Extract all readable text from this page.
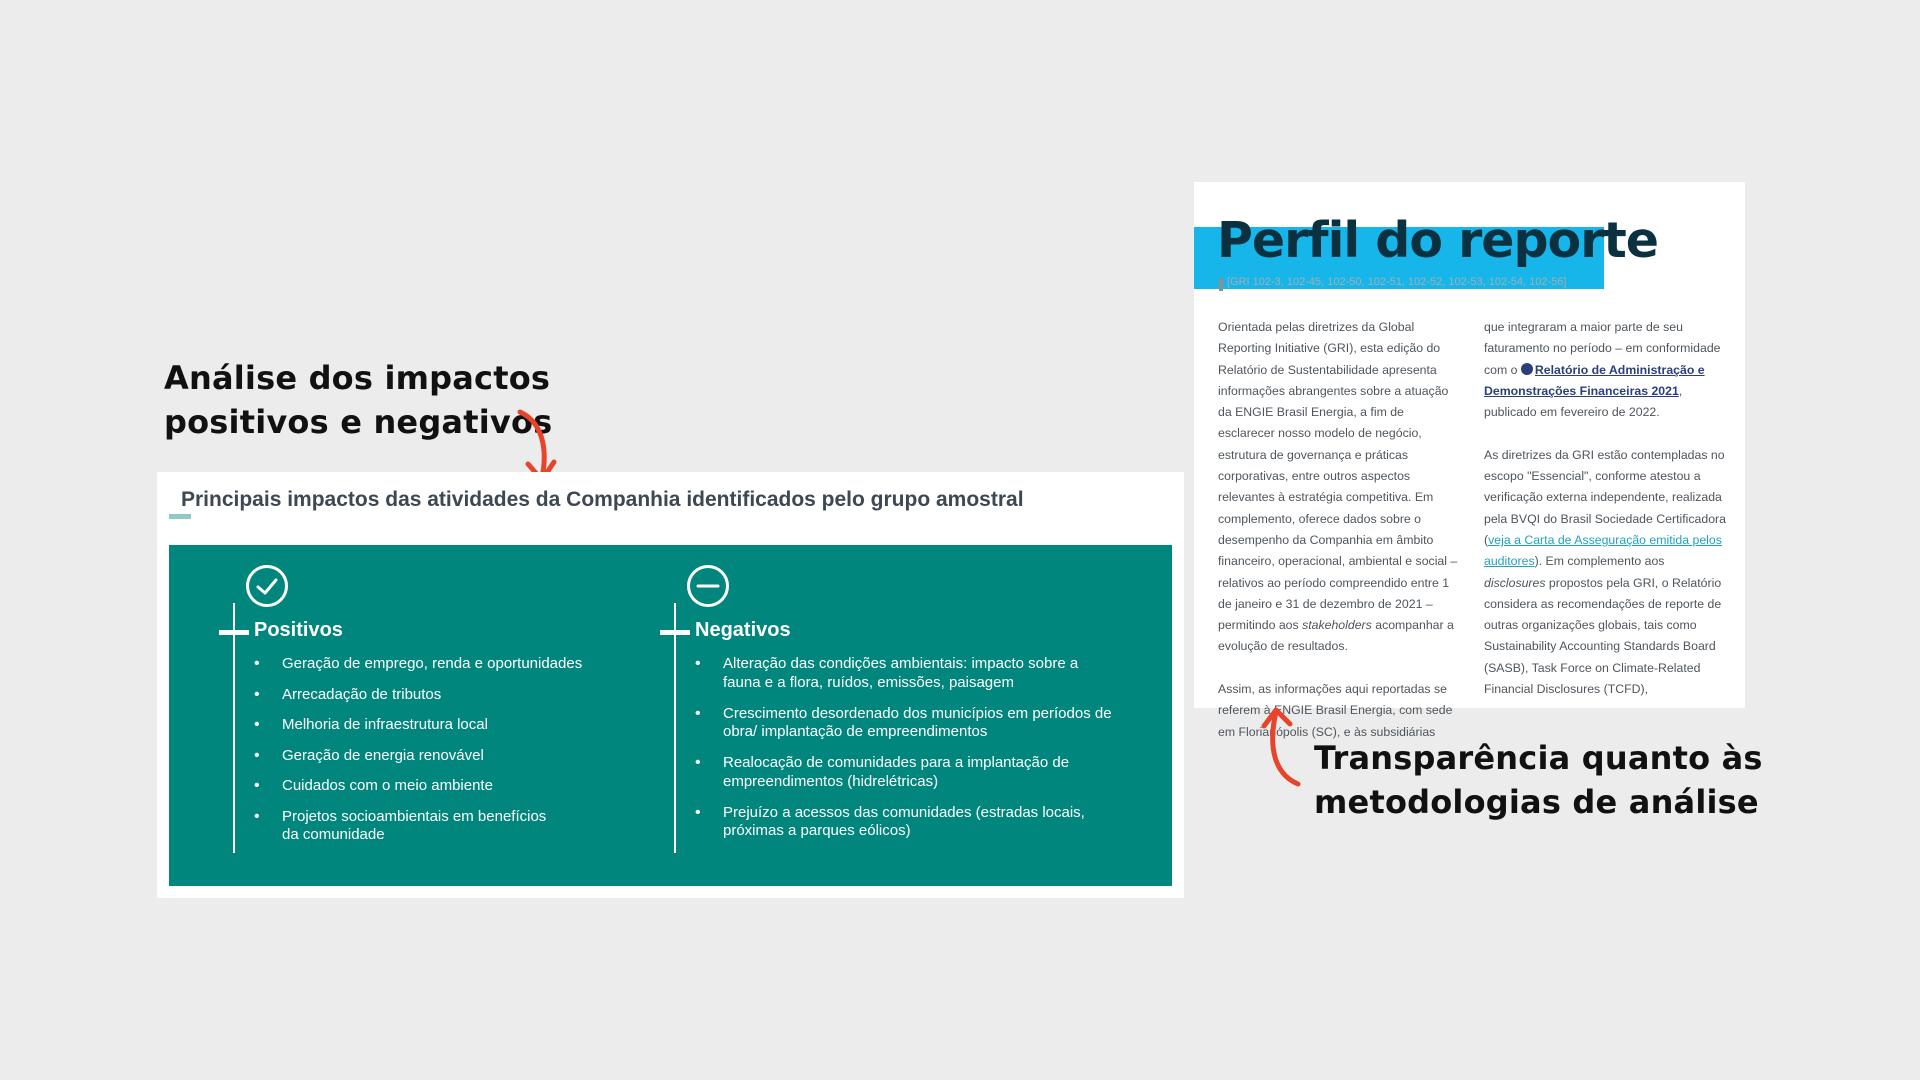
Análise dos impactos
positivos e negativos
Principais impactos das atividades da Companhia identificados pelo grupo amostral
Positivos
• Geração de emprego, renda e oportunidades
• Arrecadação de tributos
• Melhoria de infraestrutura local
• Geração de energia renovável
• Cuidados com o meio ambiente
• Projetos socioambientais em benefícios da comunidade
Negativos
• Alteração das condições ambientais: impacto sobre a fauna e a flora, ruídos, emissões, paisagem
• Crescimento desordenado dos municípios em períodos de obra/ implantação de empreendimentos
• Realocação de comunidades para a implantação de empreendimentos (hidrelétricas)
• Prejuízo a acessos das comunidades (estradas locais, próximas a parques eólicos)
Perfil do reporte
[GRI 102-3, 102-45, 102-50, 102-51, 102-52, 102-53, 102-54, 102-56]

Orientada pelas diretrizes da Global Reporting Initiative (GRI), esta edição do Relatório de Sustentabilidade apresenta informações abrangentes sobre a atuação da ENGIE Brasil Energia, a fim de esclarecer nosso modelo de negócio, estrutura de governança e práticas corporativas, entre outros aspectos relevantes à estratégia competitiva. Em complemento, oferece dados sobre o desempenho da Companhia em âmbito financeiro, operacional, ambiental e social – relativos ao período compreendido entre 1 de janeiro e 31 de dezembro de 2021 – permitindo aos stakeholders acompanhar a evolução de resultados.

Assim, as informações aqui reportadas se referem à ENGIE Brasil Energia, com sede em Florianópolis (SC), e às subsidiárias

que integraram a maior parte de seu faturamento no período – em conformidade com o Relatório de Administração e Demonstrações Financeiras 2021, publicado em fevereiro de 2022.

As diretrizes da GRI estão contempladas no escopo "Essencial", conforme atestou a verificação externa independente, realizada pela BVQI do Brasil Sociedade Certificadora (veja a Carta de Asseguração emitida pelos auditores). Em complemento aos disclosures propostos pela GRI, o Relatório considera as recomendações de reporte de outras organizações globais, tais como Sustainability Accounting Standards Board (SASB), Task Force on Climate-Related Financial Disclosures (TCFD),

Transparência quanto às
metodologias de análise
